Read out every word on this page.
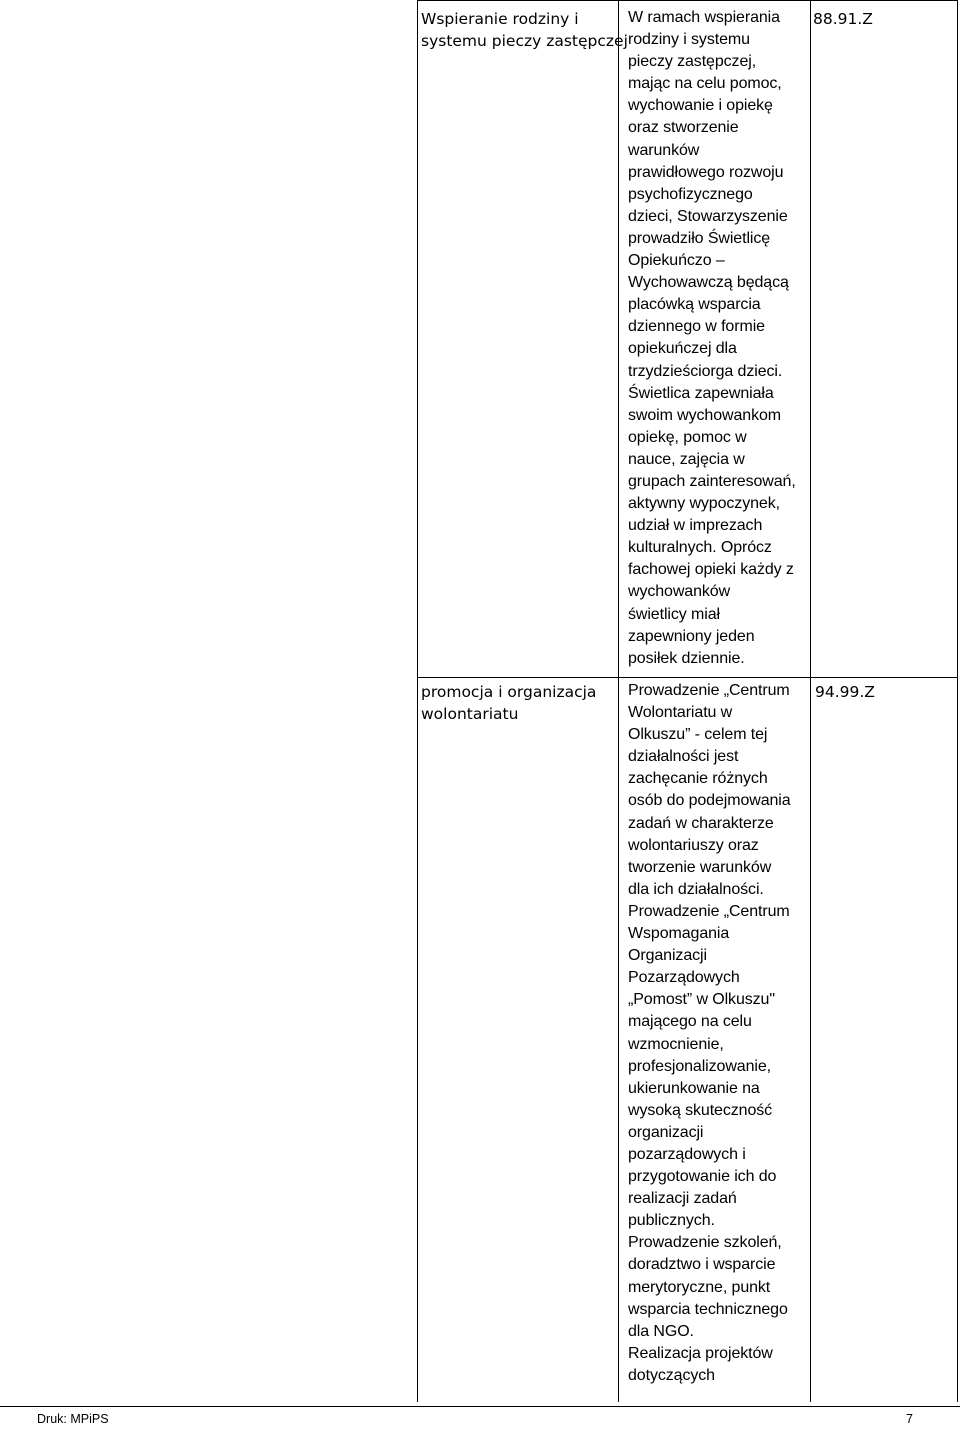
Wspieranie rodziny i
systemu pieczy zastępczej
W ramach wspierania
rodziny i systemu
pieczy zastępczej,
mając na celu pomoc,
wychowanie i opiekę
oraz stworzenie
warunków
prawidłowego rozwoju
psychofizycznego
dzieci, Stowarzyszenie
prowadziło Świetlicę
Opiekuńczo –
Wychowawczą będącą
placówką wsparcia
dziennego w formie
opiekuńczej dla
trzydzieściorga dzieci.
Świetlica zapewniała
swoim wychowankom
opiekę, pomoc w
nauce, zajęcia w
grupach zainteresowań,
aktywny wypoczynek,
udział w imprezach
kulturalnych. Oprócz
fachowej opieki każdy z
wychowanków
świetlicy miał
zapewniony jeden
posiłek dziennie.
88.91.Z
promocja i organizacja
wolontariatu
Prowadzenie „Centrum
Wolontariatu w
Olkuszu” - celem tej
działalności jest
zachęcanie różnych
osób do podejmowania
zadań w charakterze
wolontariuszy oraz
tworzenie warunków
dla ich działalności.
Prowadzenie „Centrum
Wspomagania
Organizacji
Pozarządowych
„Pomost” w Olkuszu"
mającego na celu
wzmocnienie,
profesjonalizowanie,
ukierunkowanie na
wysoką skuteczność
organizacji
pozarządowych i
przygotowanie ich do
realizacji zadań
publicznych.
Prowadzenie szkoleń,
doradztwo i wsparcie
merytoryczne, punkt
wsparcia technicznego
dla NGO.
Realizacja projektów
dotyczących
94.99.Z
Druk: MPiPS	7
